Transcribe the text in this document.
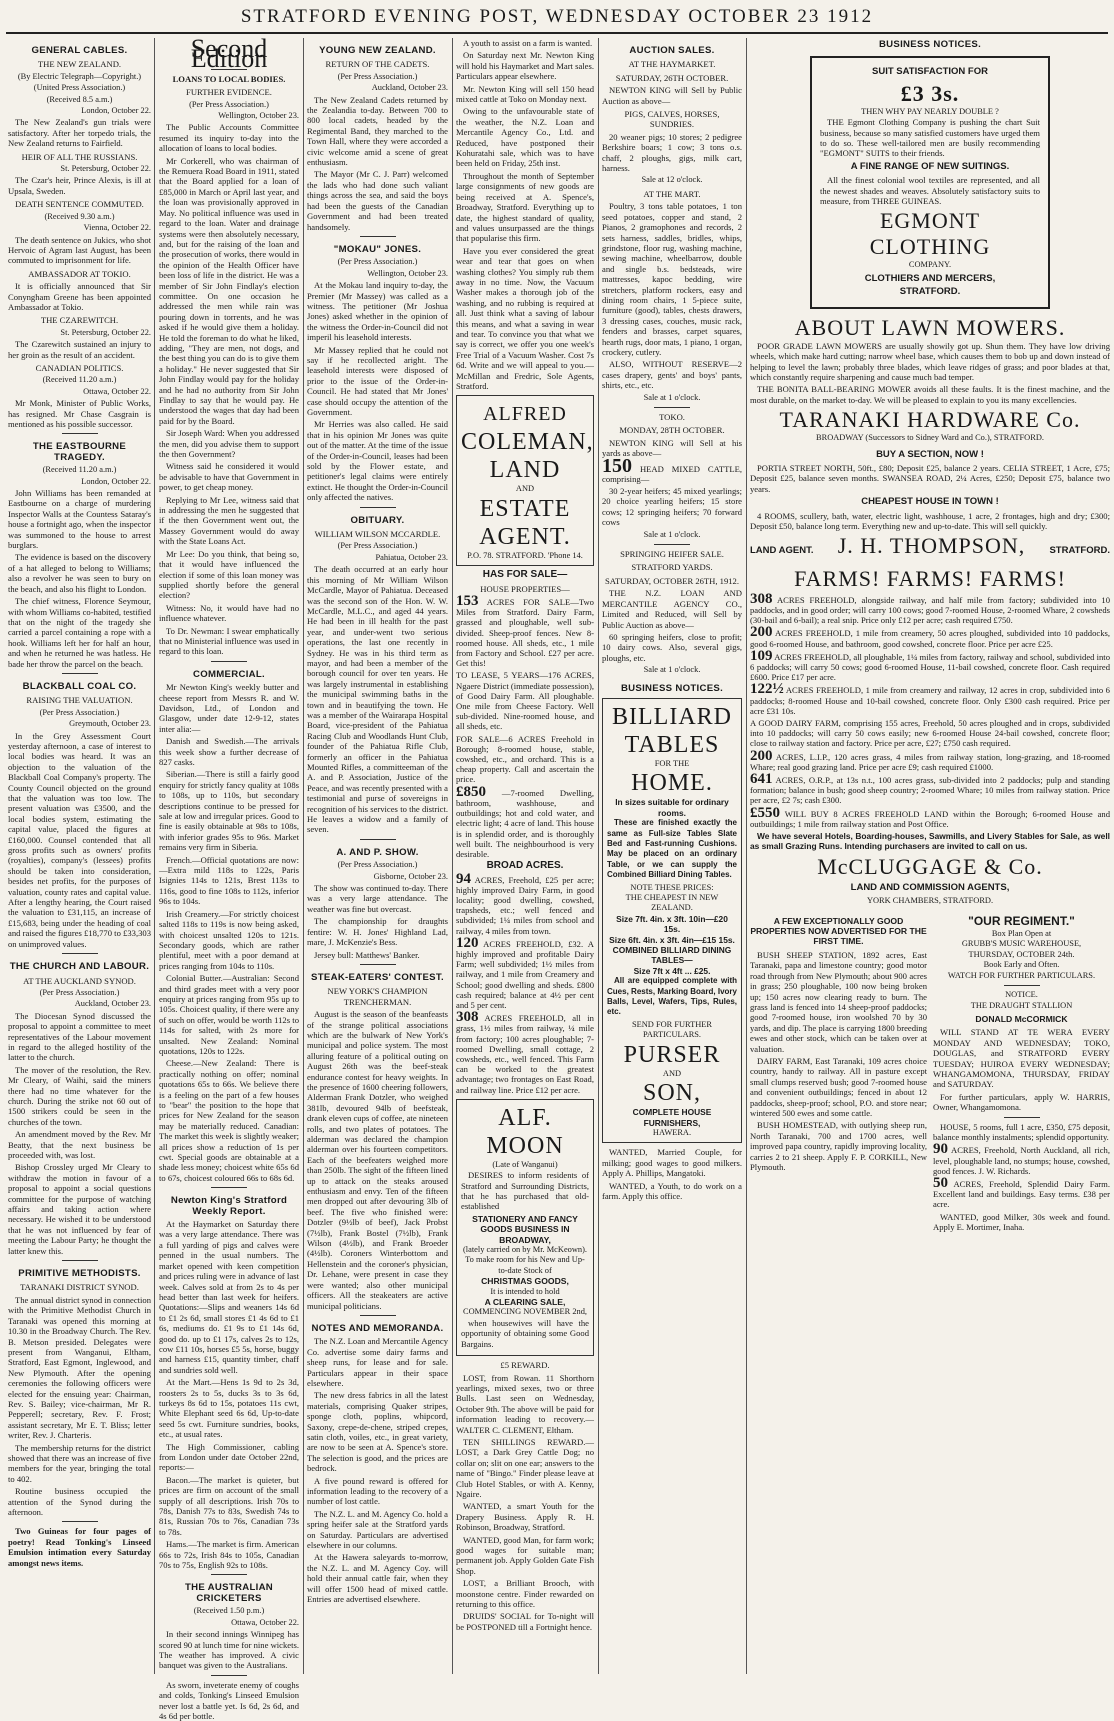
STRATFORD EVENING POST, WEDNESDAY OCTOBER 23 1912
GENERAL CABLES.
THE NEW ZEALAND.
(By Electric Telegraph—Copyright.)
(United Press Association.)
(Received 8.5 a.m.)
London, October 22.

The New Zealand's gun trials were satisfactory. After her torpedo trials, the New Zealand returns to Fairfield.

HEIR OF ALL THE RUSSIANS.
St. Petersburg, October 22.

The Czar's heir, Prince Alexis, is ill at Upsala, Sweden.

DEATH SENTENCE COMMUTED.
(Received 9.30 a.m.)
Vienna, October 22.

The death sentence on Jukics, who shot Hervoic of Agram last August, has been commuted to imprisonment for life.

AMBASSADOR AT TOKIO.

It is officially announced that Sir Conyngham Greene has been appointed Ambassador at Tokio.

THE CZAREWITCH.
St. Petersburg, October 22.

The Czarewitch sustained an injury to her groin as the result of an accident.

CANADIAN POLITICS.
(Received 11.20 a.m.)
Ottawa, October 22.

Mr Monk, Minister of Public Works, has resigned. Mr Chase Casgrain is mentioned as his possible successor.

THE EASTBOURNE TRAGEDY.
(Received 11.20 a.m.)
London, October 22.

John Williams has been remanded at Eastbourne on a charge of murdering Inspector Walls at the Countess Sataray's house a fortnight ago, when the inspector was summoned to the house to arrest burglars.

The evidence is based on the discovery of a hat alleged to belong to Williams; also a revolver he was seen to bury on the beach, and also his flight to London.

The chief witness, Florence Seymour, with whom Williams co-habited, testified that on the night of the tragedy she carried a parcel containing a rope with a hook. Williams left her for half an hour, and when he returned he was hatless. He bade her throw the parcel on the beach.

BLACKBALL COAL CO.
RAISING THE VALUATION.
(Per Press Association.)
Greymouth, October 23.

In the Grey Assessment Court yesterday afternoon, a case of interest to local bodies was heard. It was an objection to the valuation of the Blackball Coal Company's property. The County Council objected on the ground that the valuation was too low. The present valuation was £3500, and the local bodies system, estimating the capital value, placed the figures at £160,000. Counsel contended that all gross profits such as owners' profits (royalties), company's (lessees) profits should be taken into consideration, besides net profits, for the purposes of valuation, county rates and capital value. After a lengthy hearing, the Court raised the valuation to £31,115, an increase of £15,683, being under the heading of coal and raised the figures £18,770 to £33,303 on unimproved values.

THE CHURCH AND LABOUR.
AT THE AUCKLAND SYNOD.
(Per Press Association.)
Auckland, October 23.

The Diocesan Synod discussed the proposal to appoint a committee to meet representatives of the Labour movement in regard to the alleged hostility of the latter to the church.

The mover of the resolution, the Rev. Mr Cleary, of Waihi, said the miners there had no time whatever for the church. During the strike not 60 out of 1500 strikers could be seen in the churches of the town.

An amendment moved by the Rev. Mr Beatty, that the next business be proceeded with, was lost.

Bishop Crossley urged Mr Cleary to withdraw the motion in favour of a proposal to appoint a social questions committee for the purpose of watching affairs and taking action where necessary. He wished it to be understood that he was not influenced by fear of meeting the Labour Party; he thought the latter knew this.

PRIMITIVE METHODISTS.
TARANAKI DISTRICT SYNOD.

The annual district synod in connection with the Primitive Methodist Church in Taranaki was opened this morning at 10.30 in the Broadway Church. The Rev. B. Metson presided. Delegates were present from Wanganui, Eltham, Stratford, East Egmont, Inglewood, and New Plymouth. After the opening ceremonies the following officers were elected for the ensuing year: Chairman, Rev. S. Bailey; vice-chairman, Mr R. Pepperell; secretary, Rev. F. Frost; assistant secretary, Mr E. T. Bliss; letter writer, Rev. J. Charteris.

The membership returns for the district showed that there was an increase of five members for the year, bringing the total to 402.

Routine business occupied the attention of the Synod during the afternoon.

Two Guineas for four pages of poetry! Read Tonking's Linseed Emulsion intimation every Saturday amongst news items.

Second Edition
LOANS TO LOCAL BODIES.
FURTHER EVIDENCE.
(Per Press Association.)
Wellington, October 23.

The Public Accounts Committee resumed its inquiry to-day into the allocation of loans to local bodies.

Mr Corkerell, who was chairman of the Remuera Road Board in 1911, stated that the Board applied for a loan of £85,000 in March or April last year, and the loan was provisionally approved in May. No political influence was used in regard to the loan. Water and drainage systems were then absolutely necessary, and, but for the raising of the loan and the prosecution of works, there would in the opinion of the Health Officer have been loss of life in the district. He was a member of Sir John Findlay's election committee. On one occasion he addressed the men while rain was pouring down in torrents, and he was asked if he would give them a holiday. He told the foreman to do what he liked, adding, "They are men, not dogs, and the best thing you can do is to give them a holiday." He never suggested that Sir John Findlay would pay for the holiday and he had no authority from Sir John Findlay to say that he would pay. He understood the wages that day had been paid for by the Board.

Sir Joseph Ward: When you addressed the men, did you advise them to support the then Government?

Witness said he considered it would be advisable to have that Government in power, to get cheap money.

Replying to Mr Lee, witness said that in addressing the men he suggested that if the then Government went out, the Massey Government would do away with the State Loans Act.

Mr Lee: Do you think, that being so, that it would have influenced the election if some of this loan money was supplied shortly before the general election?

Witness: No, it would have had no influence whatever.

To Dr. Newman: I swear emphatically that no Ministerial influence was used in regard to this loan.

COMMERCIAL.

Mr Newton King's weekly butter and cheese report from Messrs R. and W. Davidson, Ltd., of London and Glasgow, under date 12-9-12, states inter alia:—

Danish and Swedish.—The arrivals this week show a further decrease of 827 casks.

Siberian.—There is still a fairly good enquiry for strictly fancy quality at 108s to 108s, up to 110s, but secondary descriptions continue to be pressed for sale at low and irregular prices. Good to fine is easily obtainable at 98s to 108s, with inferior grades 95s to 96s. Market remains very firm in Siberia.

French.—Official quotations are now:—Extra mild 118s to 122s, Paris Isignies 114s to 121s, Brest 113s to 116s, good to fine 108s to 112s, inferior 96s to 104s.

Irish Creamery.—For strictly choicest salted 118s to 119s is now being asked, with choicest unsalted 120s to 121s. Secondary goods, which are rather plentiful, meet with a poor demand at prices ranging from 104s to 110s.

Colonial Butter.—Australian: Second and third grades meet with a very poor enquiry at prices ranging from 95s up to 105s. Choicest quality, if there were any of such on offer, would be worth 112s to 114s for salted, with 2s more for unsalted. New Zealand: Nominal quotations, 120s to 122s.

Cheese.—New Zealand: There is practically nothing on offer; nominal quotations 65s to 66s. We believe there is a feeling on the part of a few houses to "bear" the position to the hope that prices for New Zealand for the season may be materially reduced. Canadian: The market this week is slightly weaker; all prices show a reduction of 1s per cwt. Special goods are obtainable at a shade less money; choicest white 65s 6d to 67s, choicest coloured 66s to 68s 6d.

Newton King's Stratford Weekly Report.

At the Haymarket on Saturday there was a very large attendance. There was a full yarding of pigs and calves were penned in the usual numbers. The market opened with keen competition and prices ruling were in advance of last week. Calves sold at from 2s to 4s per head better than last week for heifers. Quotations:—Slips and weaners 14s 6d to £1 2s 6d, small stores £1 4s 6d to £1 6s, mediums do. £1 9s to £1 14s 6d, good do. up to £1 17s, calves 2s to 12s, cow £11 10s, horses £5 5s, horse, buggy and harness £15, quantity timber, chaff and sundries sold well.

At the Mart.—Hens 1s 9d to 2s 3d, roosters 2s to 5s, ducks 3s to 3s 6d, turkeys 8s 6d to 15s, potatoes 11s cwt, White Elephant seed 6s 6d, Up-to-date seed 5s cwt. Furniture sundries, books, etc., at usual rates.

The High Commissioner, cabling from London under date October 22nd, reports:—

Bacon.—The market is quieter, but prices are firm on account of the small supply of all descriptions. Irish 70s to 78s, Danish 77s to 83s, Swedish 74s to 81s, Russian 70s to 76s, Canadian 73s to 78s.

Hams.—The market is firm. American 66s to 72s, Irish 84s to 105s, Canadian 70s to 75s, English 92s to 108s.

THE AUSTRALIAN CRICKETERS
(Received 1.50 p.m.)
Ottawa, October 22.

In their second innings Winnipeg has scored 90 at lunch time for nine wickets. The weather has improved. A civic banquet was given to the Australians.

As sworn, inveterate enemy of coughs and colds, Tonking's Linseed Emulsion never lost a battle yet. Is 6d, 2s 6d, and 4s 6d per bottle.

YOUNG NEW ZEALAND.
RETURN OF THE CADETS.
(Per Press Association.)
Auckland, October 23.

The New Zealand Cadets returned by the Zealandia to-day. Between 700 to 800 local cadets, headed by the Regimental Band, they marched to the Town Hall, where they were accorded a civic welcome amid a scene of great enthusiasm.

The Mayor (Mr C. J. Parr) welcomed the lads who had done such valiant things across the sea, and said the boys had been the guests of the Canadian Government and had been treated handsomely.

"MOKAU" JONES.
(Per Press Association.)
Wellington, October 23.

At the Mokau land inquiry to-day, the Premier (Mr Massey) was called as a witness. The petitioner (Mr Joshua Jones) asked whether in the opinion of the witness the Order-in-Council did not imperil his leasehold interests.

Mr Massey replied that he could not say if he recollected aright. The leasehold interests were disposed of prior to the issue of the Order-in-Council. He had stated that Mr Jones' case should occupy the attention of the Government.

Mr Herries was also called. He said that in his opinion Mr Jones was quite out of the matter. At the time of the issue of the Order-in-Council, leases had been sold by the Flower estate, and petitioner's legal claims were entirely extinct. He thought the Order-in-Council only affected the natives.

OBITUARY.
WILLIAM WILSON MCCARDLE.
(Per Press Association.)
Pahiatua, October 23.

The death occurred at an early hour this morning of Mr William Wilson McCardle, Mayor of Pahiatua. Deceased was the second son of the Hon. W. W. McCardle, M.L.C., and aged 44 years. He had been in ill health for the past year, and under-went two serious operations, the last one recently in Sydney. He was in his third term as mayor, and had been a member of the borough council for over ten years. He was largely instrumental in establishing the municipal swimming baths in the town and in beautifying the town. He was a member of the Wairarapa Hospital Board, vice-president of the Pahiatua Racing Club and Woodlands Hunt Club, founder of the Pahiatua Rifle Club, formerly an officer in the Pahiatua Mounted Rifles, a committeeman of the A. and P. Association, Justice of the Peace, and was recently presented with a testimonial and purse of sovereigns in recognition of his services to the district. He leaves a widow and a family of seven.

A. AND P. SHOW.
(Per Press Association.)
Gisborne, October 23.

The show was continued to-day. There was a very large attendance. The weather was fine but overcast.

The championship for draughts fentire: W. H. Jones' Highland Lad, mare, J. McKenzie's Bess.

Jersey bull: Matthews' Banker.

STEAK-EATERS' CONTEST.
NEW YORK'S CHAMPION TRENCHERMAN.

August is the season of the beanfeasts of the strange political associations which are the bulwark of New York's municipal and police system. The most alluring feature of a political outing on August 26th was the beef-steak endurance contest for heavy weights. In the presence of 1600 cheering followers, Alderman Frank Dotzler, who weighed 381lb, devoured 94lb of beefsteak, drank eleven cups of coffee, ate nineteen rolls, and two plates of potatoes. The alderman was declared the champion alderman over his fourteen competitors. Each of the beefeaters weighed more than 250lb. The sight of the fifteen lined up to attack on the steaks aroused enthusiasm and envy. Ten of the fifteen men dropped out after devouring 3lb of beef. The five who finished were: Dotzler (9½lb of beef), Jack Probst (7½lb), Frank Bostel (7½lb), Frank Wilson (4½lb), and Frank Broeder (4½lb). Coroners Winterbottom and Hellenstein and the coroner's physician, Dr. Lehane, were present in case they were wanted; also other municipal officers. All the steakeaters are active municipal politicians.

NOTES AND MEMORANDA.

The N.Z. Loan and Mercantile Agency Co. advertise some dairy farms and sheep runs, for lease and for sale. Particulars appear in their space elsewhere.

The new dress fabrics in all the latest materials, comprising Quaker stripes, sponge cloth, poplins, whipcord, Saxony, crepe-de-chene, striped crepes, satin cloth, voiles, etc., in great variety, are now to be seen at A. Spence's store. The selection is good, and the prices are bedrock.

A five pound reward is offered for information leading to the recovery of a number of lost cattle.

The N.Z. L. and M. Agency Co. hold a spring heifer sale at the Stratford yards on Saturday. Particulars are advertised elsewhere in our columns.

At the Hawera saleyards to-morrow, the N.Z. L. and M. Agency Coy. will hold their annual cattle fair, when they will offer 1500 head of mixed cattle. Entries are advertised elsewhere.

A youth to assist on a farm is wanted.

On Saturday next Mr. Newton King will hold his Haymarket and Mart sales. Particulars appear elsewhere.

Mr. Newton King will sell 150 head mixed cattle at Toko on Monday next.

Owing to the unfavourable state of the weather, the N.Z. Loan and Mercantile Agency Co., Ltd. and Reduced, have postponed their Kohuratahi sale, which was to have been held on Friday, 25th inst.

Throughout the month of September large consignments of new goods are being received at A. Spence's, Broadway, Stratford. Everything up to date, the highest standard of quality, and values unsurpassed are the things that popularise this firm.

Have you ever considered the great wear and tear that goes on when washing clothes? You simply rub them away in no time. Now, the Vacuum Washer makes a thorough job of the washing, and no rubbing is required at all. Just think what a saving of labour this means, and what a saving in wear and tear. To convince you that what we say is correct, we offer you one week's Free Trial of a Vacuum Washer. Cost 7s 6d. Write and we will appeal to you.—McMillan and Fredric, Sole Agents, Stratford.

ALFRED
COLEMAN,
LAND
AND
ESTATE
AGENT.
P.O. 78. STRATFORD. 'Phone 14.
HAS FOR SALE—
HOUSE PROPERTIES—
153 ACRES FOR SALE—Two Miles from Stratford. Dairy Farm, grassed and ploughable, well sub-divided. Sheep-proof fences. New 8-roomed house. All sheds, etc., 1 mile from Factory and School. £27 per acre. Get this!
TO LEASE, 5 YEARS—176 ACRES, Ngaere District (immediate possession), of Good Dairy Farm. All ploughable. One mile from Cheese Factory. Well sub-divided. Nine-roomed house, and all sheds, etc.
FOR SALE—6 ACRES Freehold in Borough; 8-roomed house, stable, cowshed, etc., and orchard. This is a cheap property. Call and ascertain the price.
£850 —7-roomed Dwelling, bathroom, washhouse, and outbuildings; hot and cold water, and electric light; 4 acre of land. This house is in splendid order, and is thoroughly well built. The neighbourhood is very desirable.
BROAD ACRES.
94 ACRES, Freehold, £25 per acre; highly improved Dairy Farm, in good locality; good dwelling, cowshed, trapsheds, etc.; well fenced and subdivided; 1¼ miles from school and railway, 4 miles from town.
120 ACRES FREEHOLD, £32. A highly improved and profitable Dairy Farm; well subdivided; 1½ miles from railway, and 1 mile from Creamery and School; good dwelling and sheds. £800 cash required; balance at 4½ per cent and 5 per cent.
308 ACRES FREEHOLD, all in grass, 1½ miles from railway, ¼ mile from factory; 100 acres ploughable; 7-roomed Dwelling, small cottage, 2 cowsheds, etc., well fenced. This Farm can be worked to the greatest advantage; two frontages on East Road, and railway line. Price £12 per acre.
ALF. MOON
(Late of Wanganui)

DESIRES to inform residents of Stratford and Surrounding Districts, that he has purchased that old-established

STATIONERY AND FANCY GOODS BUSINESS IN BROADWAY,
(lately carried on by Mr. McKeown).
To make room for his New and Up-to-date Stock of
CHRISTMAS GOODS,
It is intended to hold
A CLEARING SALE,
COMMENCING NOVEMBER 2nd,

when housewives will have the opportunity of obtaining some Good Bargains.

£5 REWARD.

LOST, from Rowan. 11 Shorthorn yearlings, mixed sexes, two or three Bulls. Last seen on Wednesday, October 9th. The above will be paid for information leading to recovery.—WALTER C. CLEMENT, Eltham.

TEN SHILLINGS REWARD.—LOST, a Dark Grey Cattle Dog; no collar on; slit on one ear; answers to the name of "Bingo." Finder please leave at Club Hotel Stables, or with A. Kenny, Ngaire.

WANTED, a smart Youth for the Drapery Business. Apply R. H. Robinson, Broadway, Stratford.

WANTED, good Man, for farm work; good wages for suitable man; permanent job. Apply Golden Gate Fish Shop.

LOST, a Brilliant Brooch, with moonstone centre. Finder rewarded on returning to this office.

DRUIDS' SOCIAL for To-night will be POSTPONED till a Fortnight hence.

AUCTION SALES.
AT THE HAYMARKET.
SATURDAY, 26TH OCTOBER.

NEWTON KING will Sell by Public Auction as above—

PIGS, CALVES, HORSES, SUNDRIES.

20 weaner pigs; 10 stores; 2 pedigree Berkshire boars; 1 cow; 3 tons o.s. chaff, 2 ploughs, gigs, milk cart, harness.

Sale at 12 o'clock.
AT THE MART.

Poultry, 3 tons table potatoes, 1 ton seed potatoes, copper and stand, 2 Pianos, 2 gramophones and records, 2 sets harness, saddles, bridles, whips, grindstone, floor rug, washing machine, sewing machine, wheelbarrow, double and single b.s. bedsteads, wire mattresses, kapoc bedding, wire stretchers, platform rockers, easy and dining room chairs, 1 5-piece suite, furniture (good), tables, chests drawers, 3 dressing cases, couches, music rack, fenders and brasses, carpet squares, hearth rugs, door mats, 1 piano, 1 organ, crockery, cutlery.

ALSO, WITHOUT RESERVE—2 cases drapery, gents' and boys' pants, shirts, etc., etc.

Sale at 1 o'clock.
TOKO.
MONDAY, 28TH OCTOBER.

NEWTON KING will Sell at his yards as above—

150 HEAD MIXED CATTLE, comprising—

30 2-year heifers; 45 mixed yearlings; 20 choice yearling heifers; 15 store cows; 12 springing heifers; 70 forward cows

Sale at 1 o'clock.
SPRINGING HEIFER SALE.
STRATFORD YARDS.
SATURDAY, OCTOBER 26TH, 1912.

THE N.Z. LOAN AND MERCANTILE AGENCY CO., Limited and Reduced, will Sell by Public Auction as above—

60 springing heifers, close to profit; 10 dairy cows. Also, several gigs, ploughs, etc.

Sale at 1 o'clock.
BUSINESS NOTICES.
BILLIARD
TABLES
FOR THE
HOME.
In sizes suitable for ordinary rooms.

These are finished exactly the same as Full-size Tables Slate Bed and Fast-running Cushions. May be placed on an ordinary Table, or we can supply the Combined Billiard Dining Tables.

NOTE THESE PRICES:
THE CHEAPEST IN NEW ZEALAND.
Size 7ft. 4in. x 3ft. 10in—£20 15s.
Size 6ft. 4in. x 3ft. 4in—£15 15s.
COMBINED BILLIARD DINING TABLES—
Size 7ft x 4ft ... £25.

All are equipped complete with Cues, Rests, Marking Board, Ivory Balls, Level, Wafers, Tips, Rules, etc.

SEND FOR FURTHER PARTICULARS.
PURSER
AND
SON,
COMPLETE HOUSE FURNISHERS,
HAWERA.

WANTED, Married Couple, for milking; good wages to good milkers. Apply A. Phillips, Mangatoki.

WANTED, a Youth, to do work on a farm. Apply this office.

BUSINESS NOTICES.
SUIT SATISFACTION FOR
£3 3s.
THEN WHY PAY NEARLY DOUBLE ?

THE Egmont Clothing Company is pushing the chart Suit business, because so many satisfied customers have urged them to do so. These well-tailored men are busily recommending "EGMONT" SUITS to their friends.

A FINE RANGE OF NEW SUITINGS.

All the finest colonial wool textiles are represented, and all the newest shades and weaves. Absolutely satisfactory suits to measure, from THREE GUINEAS.

EGMONT
CLOTHING
COMPANY.
CLOTHIERS AND MERCERS,
STRATFORD.
ABOUT LAWN MOWERS.

POOR GRADE LAWN MOWERS are usually showily got up. Shun them. They have low driving wheels, which make hard cutting; narrow wheel base, which causes them to bob up and down instead of helping to level the lawn; probably three blades, which leave ridges of grass; and poor blades at that, which constantly require sharpening and cause much bad temper.

THE BONITA BALL-BEARING MOWER avoids all these faults. It is the finest machine, and the most durable, on the market to-day. We will be pleased to explain to you its many excellencies.

TARANAKI HARDWARE Co.
BROADWAY (Successors to Sidney Ward and Co.), STRATFORD.
BUY A SECTION, NOW !

PORTIA STREET NORTH, 50ft., £80; Deposit £25, balance 2 years. CELIA STREET, 1 Acre, £75; Deposit £25, balance seven months. SWANSEA ROAD, 2¼ Acres, £250; Deposit £75, balance two years.

CHEAPEST HOUSE IN TOWN !

4 ROOMS, scullery, bath, water, electric light, washhouse, 1 acre, 2 frontages, high and dry; £300; Deposit £50, balance long term. Everything new and up-to-date. This will sell quickly.

LAND AGENT. J. H. THOMPSON,	STRATFORD.
FARMS! FARMS! FARMS!
308 ACRES FREEHOLD, alongside railway, and half mile from factory; subdivided into 10 paddocks, and in good order; will carry 100 cows; good 7-roomed House, 2-roomed Whare, 2 cowsheds (30-bail and 6-bail); a real snip. Price only £12 per acre; cash required £750.
200 ACRES FREEHOLD, 1 mile from creamery, 50 acres ploughed, subdivided into 10 paddocks, good 6-roomed House, and bathroom, good cowshed, concrete floor. Price per acre £25.
109 ACRES FREEHOLD, all ploughable, 1¼ miles from factory, railway and school, subdivided into 6 paddocks; will carry 50 cows; good 6-roomed House, 11-bail cowshed, concrete floor. Cash required £600. Price £17 per acre.
122½ ACRES FREEHOLD, 1 mile from creamery and railway, 12 acres in crop, subdivided into 6 paddocks; 8-roomed House and 10-bail cowshed, concrete floor. Only £300 cash required. Price per acre £31 10s.
A GOOD DAIRY FARM, comprising 155 acres, Freehold, 50 acres ploughed and in crops, subdivided into 10 paddocks; will carry 50 cows easily; new 6-roomed House 24-bail cowshed, concrete floor; close to railway station and factory. Price per acre, £27; £750 cash required.
200 ACRES, L.I.P., 120 acres grass, 4 miles from railway station, long-grazing, and 18-roomed Whare; real good grazing land. Price per acre £9; cash required £1000.
641 ACRES, O.R.P., at 13s n.t., 100 acres grass, sub-divided into 2 paddocks; pulp and standing formation; balance in bush; good sheep country; 2-roomed Whare; 10 miles from railway station. Price per acre, £2 7s; cash £300.
£550 WILL BUY 8 ACRES FREEHOLD LAND within the Borough; 6-roomed House and outbuildings; 1 mile from railway station and Post Office.

We have several Hotels, Boarding-houses, Sawmills, and Livery Stables for Sale, as well as small Grazing Runs. Intending purchasers are invited to call on us.

McCLUGGAGE & Co.
LAND AND COMMISSION AGENTS,
YORK CHAMBERS, STRATFORD.
A FEW EXCEPTIONALLY GOOD PROPERTIES NOW ADVERTISED FOR THE FIRST TIME.

BUSH SHEEP STATION, 1892 acres, East Taranaki, papa and limestone country; good motor road through from New Plymouth; about 900 acres in grass; 250 ploughable, 100 now being broken up; 150 acres now clearing ready to burn. The grass land is fenced into 14 sheep-proof paddocks; good 7-roomed house, iron woolshed 70 by 30 yards, and dip. The place is carrying 1800 breeding ewes and other stock, which can be taken over at valuation.

DAIRY FARM, East Taranaki, 109 acres choice country, handy to railway. All in pasture except small clumps reserved bush; good 7-roomed house and convenient outbuildings; fenced in about 12 paddocks, sheep-proof; school, P.O. and store near; wintered 500 ewes and some cattle.

BUSH HOMESTEAD, with outlying sheep run, North Taranaki, 700 and 1700 acres, well improved papa country, rapidly improving locality, carries 2 to 21 sheep. Apply F. P. CORKILL, New Plymouth.

"OUR REGIMENT."
Box Plan Open at
GRUBB'S MUSIC WAREHOUSE,
THURSDAY, OCTOBER 24th.
Book Early and Often.
WATCH FOR FURTHER PARTICULARS.
NOTICE.
THE DRAUGHT STALLION
DONALD McCORMICK

WILL STAND AT TE WERA EVERY MONDAY AND WEDNESDAY; TOKO, DOUGLAS, and STRATFORD EVERY TUESDAY; HUIROA EVERY WEDNESDAY; WHANGAMOMONA, THURSDAY, FRIDAY and SATURDAY.

For further particulars, apply W. HARRIS, Owner, Whangamomona.

HOUSE, 5 rooms, full 1 acre, £350, £75 deposit, balance monthly instalments; splendid opportunity.

90 ACRES, Freehold, North Auckland, all rich, level, ploughable land, no stumps; house, cowshed, good fences. J. W. Richards.
50 ACRES, Freehold, Splendid Dairy Farm. Excellent land and buildings. Easy terms. £38 per acre.

WANTED, good Milker, 30s week and found. Apply E. Mortimer, Inaha.
